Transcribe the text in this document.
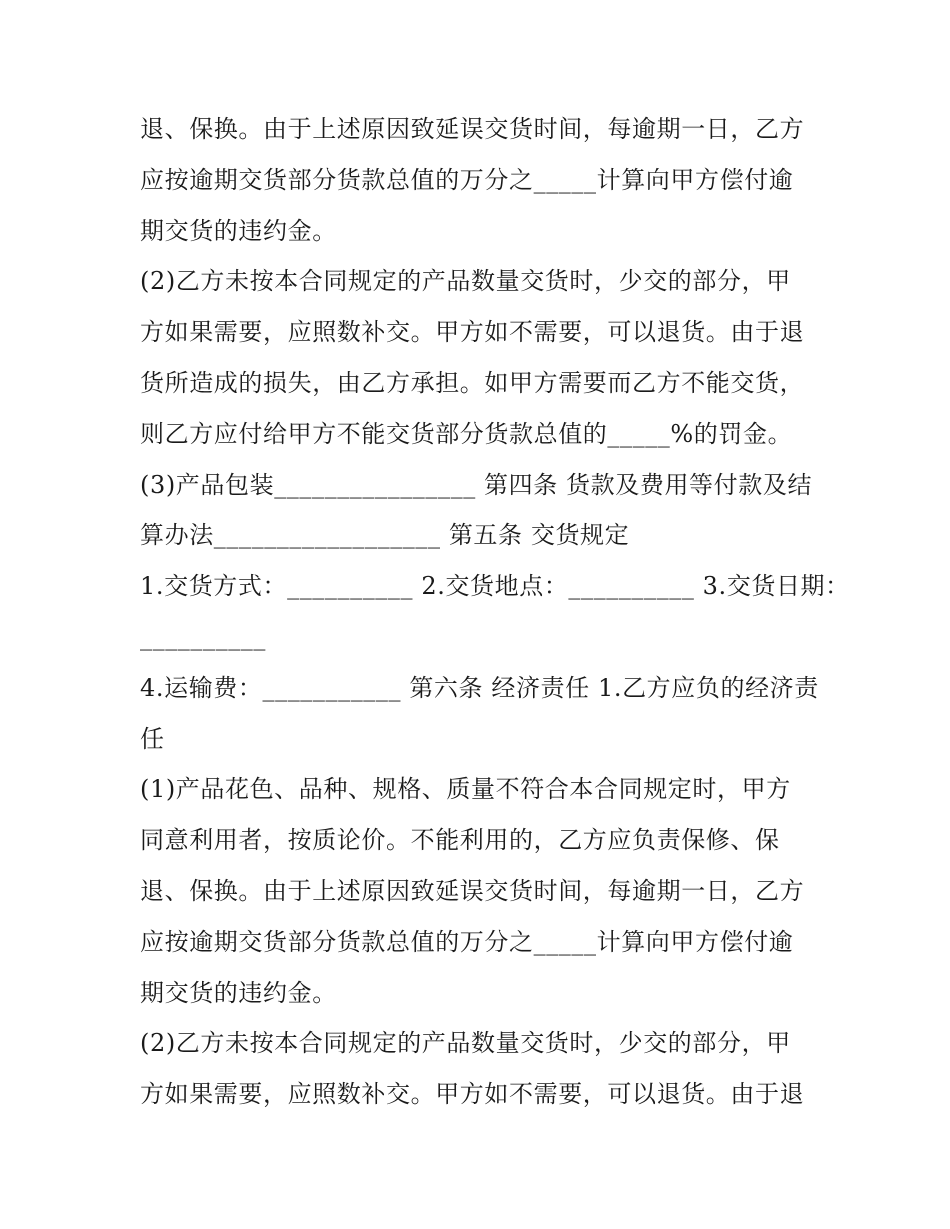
退、保换。由于上述原因致延误交货时间，每逾期一日，乙方
应按逾期交货部分货款总值的万分之_____计算向甲方偿付逾
期交货的违约金。
(2)乙方未按本合同规定的产品数量交货时，少交的部分，甲
方如果需要，应照数补交。甲方如不需要，可以退货。由于退
货所造成的损失，由乙方承担。如甲方需要而乙方不能交货，
则乙方应付给甲方不能交货部分货款总值的_____%的罚金。
(3)产品包装________________ 第四条 货款及费用等付款及结
算办法__________________ 第五条 交货规定
1.交货方式：__________ 2.交货地点：__________ 3.交货日期：
__________
4.运输费：___________ 第六条 经济责任 1.乙方应负的经济责
任
(1)产品花色、品种、规格、质量不符合本合同规定时，甲方
同意利用者，按质论价。不能利用的，乙方应负责保修、保
退、保换。由于上述原因致延误交货时间，每逾期一日，乙方
应按逾期交货部分货款总值的万分之_____计算向甲方偿付逾
期交货的违约金。
(2)乙方未按本合同规定的产品数量交货时，少交的部分，甲
方如果需要，应照数补交。甲方如不需要，可以退货。由于退
